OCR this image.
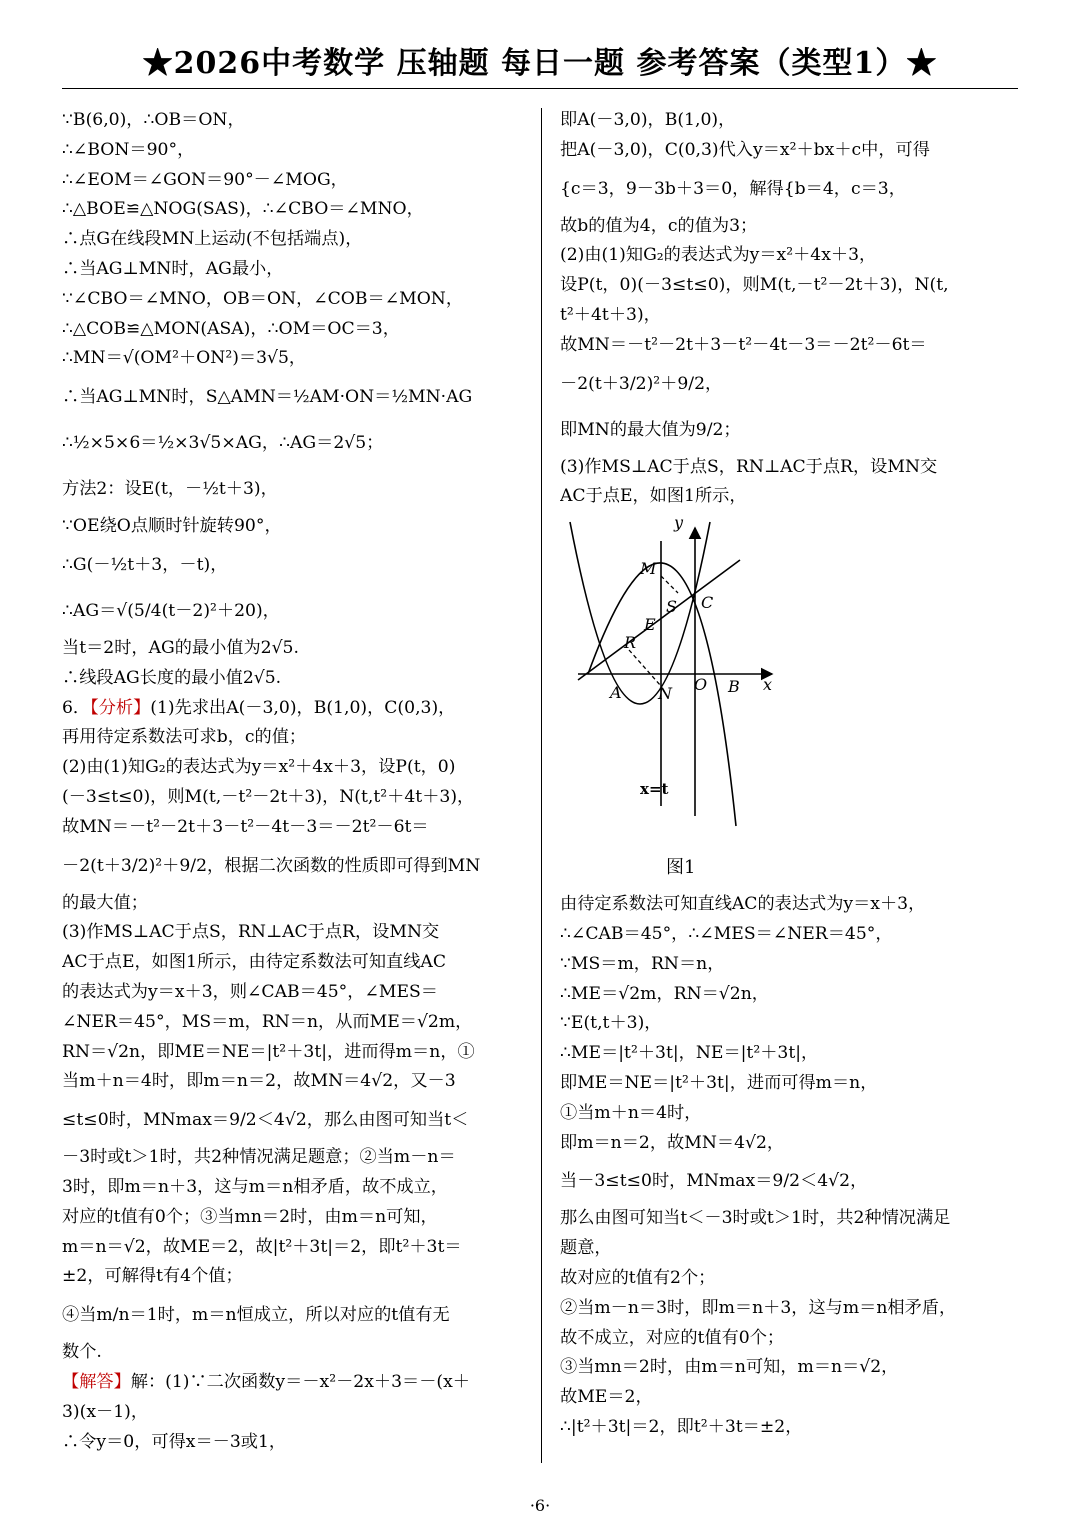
★2026中考数学 压轴题 每日一题 参考答案（类型1）★
∵B(6,0)，∴OB＝ON，
∴∠BON＝90°，
∴∠EOM＝∠GON＝90°－∠MOG，
∴△BOE≌△NOG(SAS)，∴∠CBO＝∠MNO，
∴点G在线段MN上运动(不包括端点)，
∴当AG⊥MN时，AG最小，
∵∠CBO＝∠MNO，OB＝ON，∠COB＝∠MON，
∴△COB≌△MON(ASA)，∴OM＝OC＝3，
∴MN＝√(OM²＋ON²)＝3√5，
∴当AG⊥MN时，S△AMN＝½AM·ON＝½MN·AG
∴½×5×6＝½×3√5×AG，∴AG＝2√5；
方法2：设E(t，－½t＋3)，
∵OE绕O点顺时针旋转90°，
∴G(－½t＋3，－t)，
∴AG＝√(5/4(t－2)²＋20)，
当t＝2时，AG的最小值为2√5.
∴线段AG长度的最小值2√5.
6．【分析】(1)先求出A(－3,0)，B(1,0)，C(0,3)，
再用待定系数法可求b，c的值；
(2)由(1)知G₂的表达式为y＝x²＋4x＋3，设P(t，0)
(－3≤t≤0)，则M(t,－t²－2t＋3)，N(t,t²＋4t＋3)，
故MN＝－t²－2t＋3－t²－4t－3＝－2t²－6t＝
－2(t＋3/2)²＋9/2，根据二次函数的性质即可得到MN
的最大值；
(3)作MS⊥AC于点S，RN⊥AC于点R，设MN交
AC于点E，如图1所示，由待定系数法可知直线AC
的表达式为y＝x＋3，则∠CAB＝45°，∠MES＝
∠NER＝45°，MS＝m，RN＝n，从而ME＝√2m，
RN＝√2n，即ME＝NE＝|t²＋3t|，进而得m＝n，①
当m＋n＝4时，即m＝n＝2，故MN＝4√2，又－3
≤t≤0时，MNmax＝9/2＜4√2，那么由图可知当t＜
－3时或t＞1时，共2种情况满足题意；②当m－n＝
3时，即m＝n＋3，这与m＝n相矛盾，故不成立，
对应的t值有0个；③当mn＝2时，由m＝n可知，
m＝n＝√2，故ME＝2，故|t²＋3t|＝2，即t²＋3t＝
±2，可解得t有4个值；
④当m/n＝1时，m＝n恒成立，所以对应的t值有无
数个.
【解答】解：(1)∵二次函数y＝－x²－2x＋3＝－(x＋
3)(x－1)，
∴令y＝0，可得x＝－3或1，
即A(－3,0)，B(1,0)，
把A(－3,0)，C(0,3)代入y＝x²＋bx＋c中，可得
{c＝3，9－3b＋3＝0，解得{b＝4，c＝3，
故b的值为4，c的值为3；
(2)由(1)知G₂的表达式为y＝x²＋4x＋3，
设P(t，0)(－3≤t≤0)，则M(t,－t²－2t＋3)，N(t,
t²＋4t＋3)，
故MN＝－t²－2t＋3－t²－4t－3＝－2t²－6t＝
－2(t＋3/2)²＋9/2，
即MN的最大值为9/2；
(3)作MS⊥AC于点S，RN⊥AC于点R，设MN交
AC于点E，如图1所示，
y
x
M
S C
E
R
A N O B
x=t
图1
由待定系数法可知直线AC的表达式为y＝x＋3，
∴∠CAB＝45°，∴∠MES＝∠NER＝45°，
∵MS＝m，RN＝n，
∴ME＝√2m，RN＝√2n，
∵E(t,t＋3)，
∴ME＝|t²＋3t|，NE＝|t²＋3t|，
即ME＝NE＝|t²＋3t|，进而可得m＝n，
①当m＋n＝4时，
即m＝n＝2，故MN＝4√2，
当－3≤t≤0时，MNmax＝9/2＜4√2，
那么由图可知当t＜－3时或t＞1时，共2种情况满足
题意，
故对应的t值有2个；
②当m－n＝3时，即m＝n＋3，这与m＝n相矛盾，
故不成立，对应的t值有0个；
③当mn＝2时，由m＝n可知，m＝n＝√2，
故ME＝2，
∴|t²＋3t|＝2，即t²＋3t＝±2，
·6·
